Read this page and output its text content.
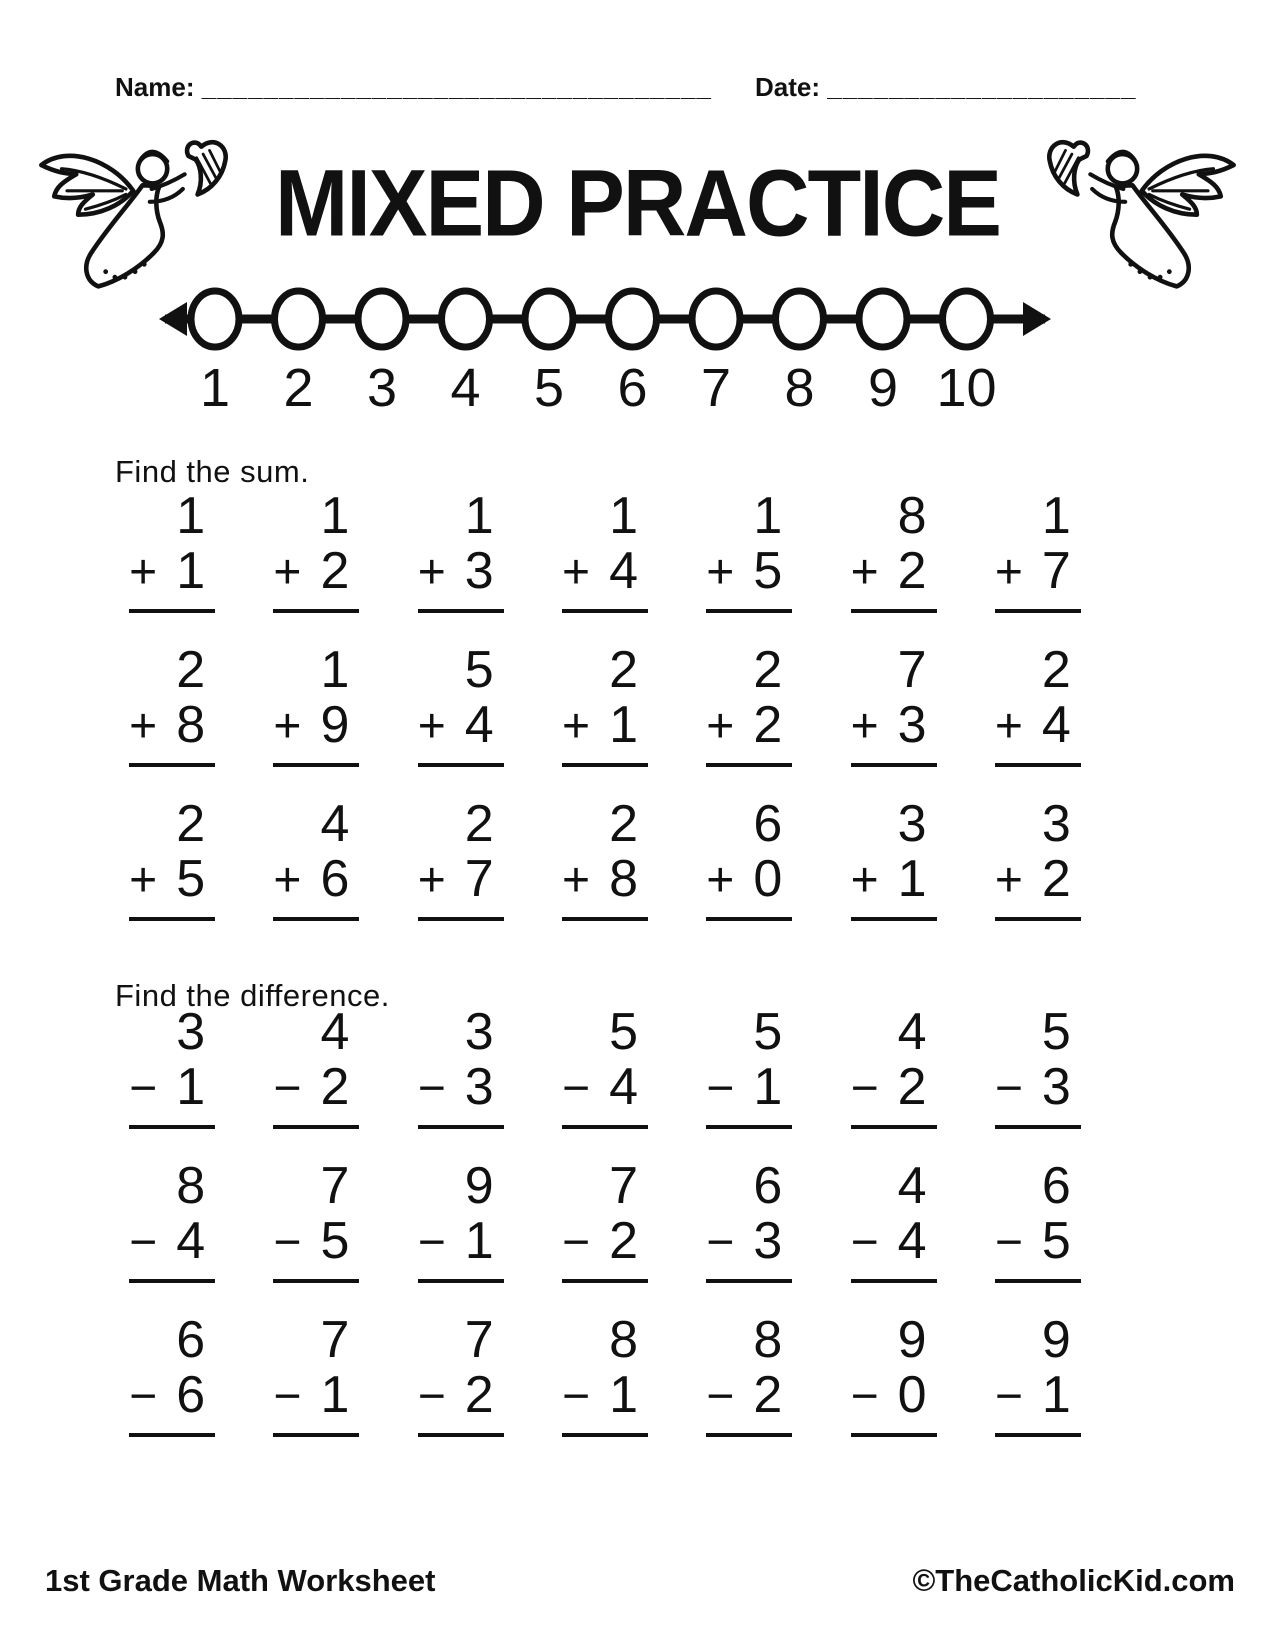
Name: _________________________________ Date: ____________________
MIXED PRACTICE
1 2 3 4 5 6 7 8 9 10
Find the sum.
1
+ 1
1
+ 2
1
+ 3
1
+ 4
1
+ 5
8
+ 2
1
+ 7
2
+ 8
1
+ 9
5
+ 4
2
+ 1
2
+ 2
7
+ 3
2
+ 4
2
+ 5
4
+ 6
2
+ 7
2
+ 8
6
+ 0
3
+ 1
3
+ 2
Find the difference.
3
− 1
4
− 2
3
− 3
5
− 4
5
− 1
4
− 2
5
− 3
8
− 4
7
− 5
9
− 1
7
− 2
6
− 3
4
− 4
6
− 5
6
− 6
7
− 1
7
− 2
8
− 1
8
− 2
9
− 0
9
− 1
1st Grade Math Worksheet	©TheCatholicKid.com
